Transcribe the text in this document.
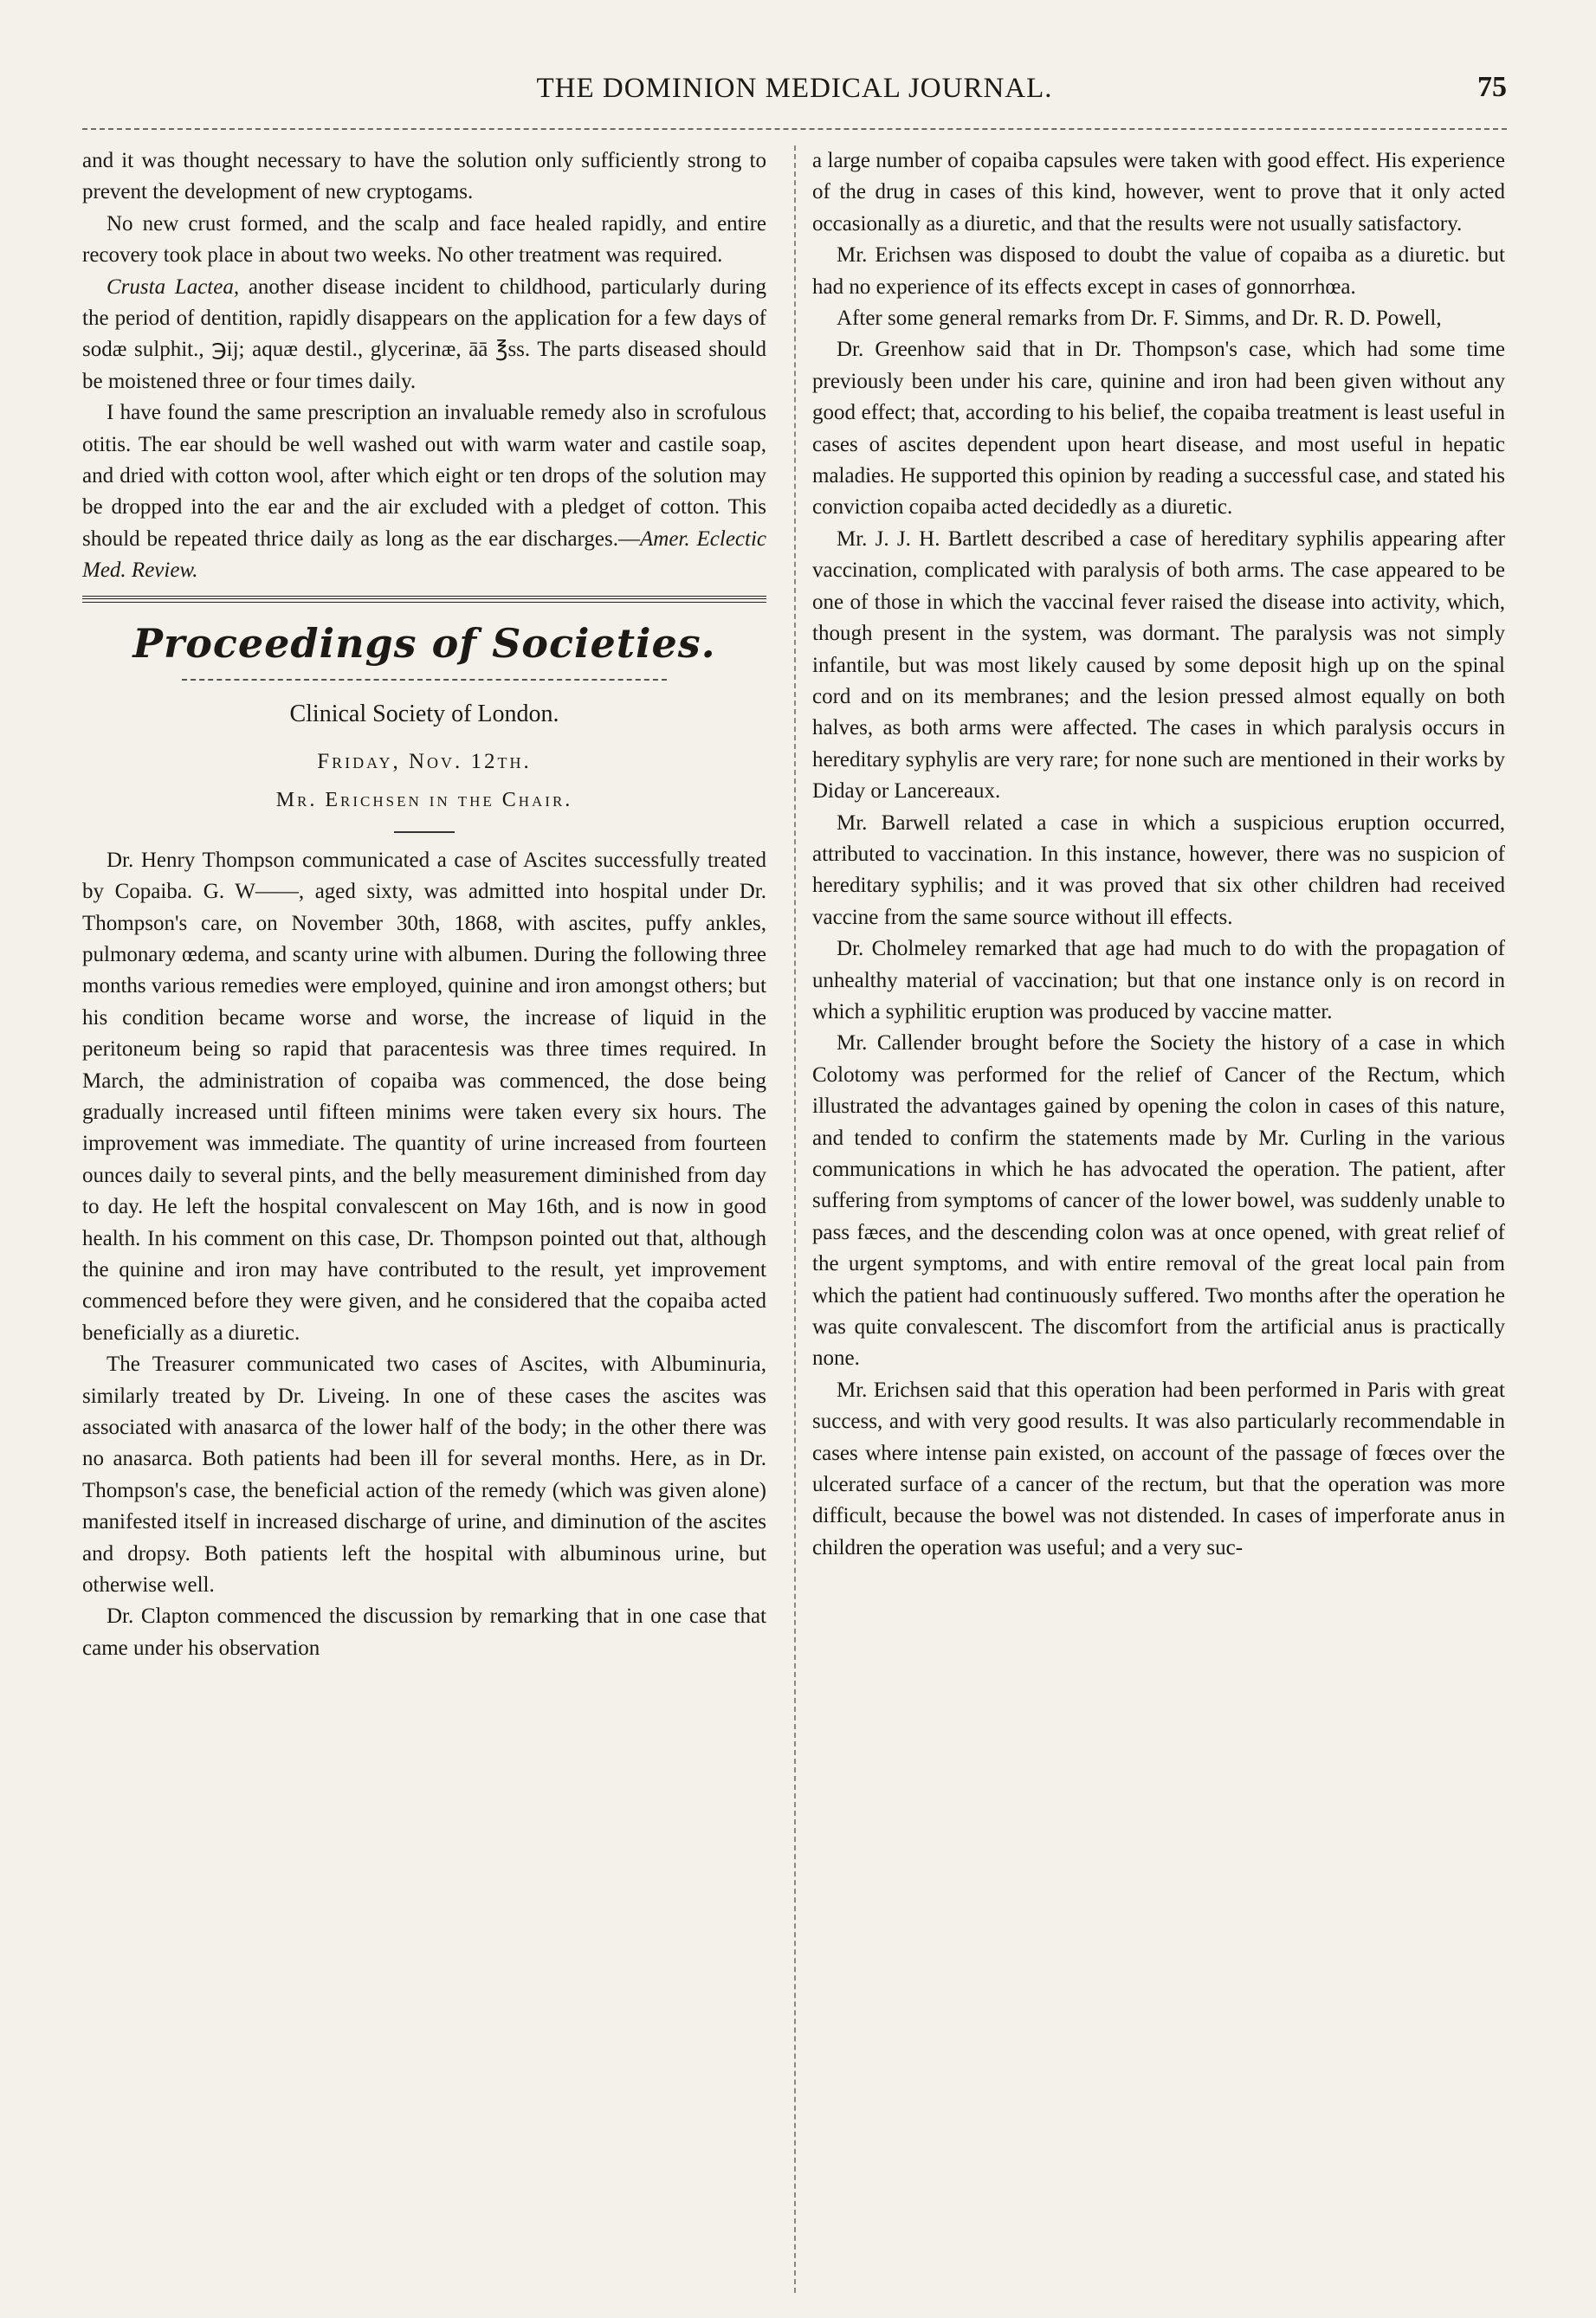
THE DOMINION MEDICAL JOURNAL.	75

and it was thought necessary to have the solution only sufficiently strong to prevent the development of new cryptogams.

No new crust formed, and the scalp and face healed rapidly, and entire recovery took place in about two weeks. No other treatment was required.

Crusta Lactea, another disease incident to childhood, particularly during the period of dentition, rapidly disappears on the application for a few days of sodæ sulphit., ℈ij; aquæ destil., glycerinæ, āā ℥ss. The parts diseased should be moistened three or four times daily.

I have found the same prescription an invaluable remedy also in scrofulous otitis. The ear should be well washed out with warm water and castile soap, and dried with cotton wool, after which eight or ten drops of the solution may be dropped into the ear and the air excluded with a pledget of cotton. This should be repeated thrice daily as long as the ear discharges.—Amer. Eclectic Med. Review.

Proceedings of Societies.
Clinical Society of London.
Friday, Nov. 12th.
Mr. Erichsen in the Chair.

Dr. Henry Thompson communicated a case of Ascites successfully treated by Copaiba. G. W——, aged sixty, was admitted into hospital under Dr. Thompson's care, on November 30th, 1868, with ascites, puffy ankles, pulmonary œdema, and scanty urine with albumen. During the following three months various remedies were employed, quinine and iron amongst others; but his condition became worse and worse, the increase of liquid in the peritoneum being so rapid that paracentesis was three times required. In March, the administration of copaiba was commenced, the dose being gradually increased until fifteen minims were taken every six hours. The improvement was immediate. The quantity of urine increased from fourteen ounces daily to several pints, and the belly measurement diminished from day to day. He left the hospital convalescent on May 16th, and is now in good health. In his comment on this case, Dr. Thompson pointed out that, although the quinine and iron may have contributed to the result, yet improvement commenced before they were given, and he considered that the copaiba acted beneficially as a diuretic.

The Treasurer communicated two cases of Ascites, with Albuminuria, similarly treated by Dr. Liveing. In one of these cases the ascites was associated with anasarca of the lower half of the body; in the other there was no anasarca. Both patients had been ill for several months. Here, as in Dr. Thompson's case, the beneficial action of the remedy (which was given alone) manifested itself in increased discharge of urine, and diminution of the ascites and dropsy. Both patients left the hospital with albuminous urine, but otherwise well.

Dr. Clapton commenced the discussion by remarking that in one case that came under his observation

a large number of copaiba capsules were taken with good effect. His experience of the drug in cases of this kind, however, went to prove that it only acted occasionally as a diuretic, and that the results were not usually satisfactory.

Mr. Erichsen was disposed to doubt the value of copaiba as a diuretic. but had no experience of its effects except in cases of gonnorrhœa.

After some general remarks from Dr. F. Simms, and Dr. R. D. Powell,

Dr. Greenhow said that in Dr. Thompson's case, which had some time previously been under his care, quinine and iron had been given without any good effect; that, according to his belief, the copaiba treatment is least useful in cases of ascites dependent upon heart disease, and most useful in hepatic maladies. He supported this opinion by reading a successful case, and stated his conviction copaiba acted decidedly as a diuretic.

Mr. J. J. H. Bartlett described a case of hereditary syphilis appearing after vaccination, complicated with paralysis of both arms. The case appeared to be one of those in which the vaccinal fever raised the disease into activity, which, though present in the system, was dormant. The paralysis was not simply infantile, but was most likely caused by some deposit high up on the spinal cord and on its membranes; and the lesion pressed almost equally on both halves, as both arms were affected. The cases in which paralysis occurs in hereditary syphylis are very rare; for none such are mentioned in their works by Diday or Lancereaux.

Mr. Barwell related a case in which a suspicious eruption occurred, attributed to vaccination. In this instance, however, there was no suspicion of hereditary syphilis; and it was proved that six other children had received vaccine from the same source without ill effects.

Dr. Cholmeley remarked that age had much to do with the propagation of unhealthy material of vaccination; but that one instance only is on record in which a syphilitic eruption was produced by vaccine matter.

Mr. Callender brought before the Society the history of a case in which Colotomy was performed for the relief of Cancer of the Rectum, which illustrated the advantages gained by opening the colon in cases of this nature, and tended to confirm the statements made by Mr. Curling in the various communications in which he has advocated the operation. The patient, after suffering from symptoms of cancer of the lower bowel, was suddenly unable to pass fæces, and the descending colon was at once opened, with great relief of the urgent symptoms, and with entire removal of the great local pain from which the patient had continuously suffered. Two months after the operation he was quite convalescent. The discomfort from the artificial anus is practically none.

Mr. Erichsen said that this operation had been performed in Paris with great success, and with very good results. It was also particularly recommendable in cases where intense pain existed, on account of the passage of fœces over the ulcerated surface of a cancer of the rectum, but that the operation was more difficult, because the bowel was not distended. In cases of imperforate anus in children the operation was useful; and a very suc-
